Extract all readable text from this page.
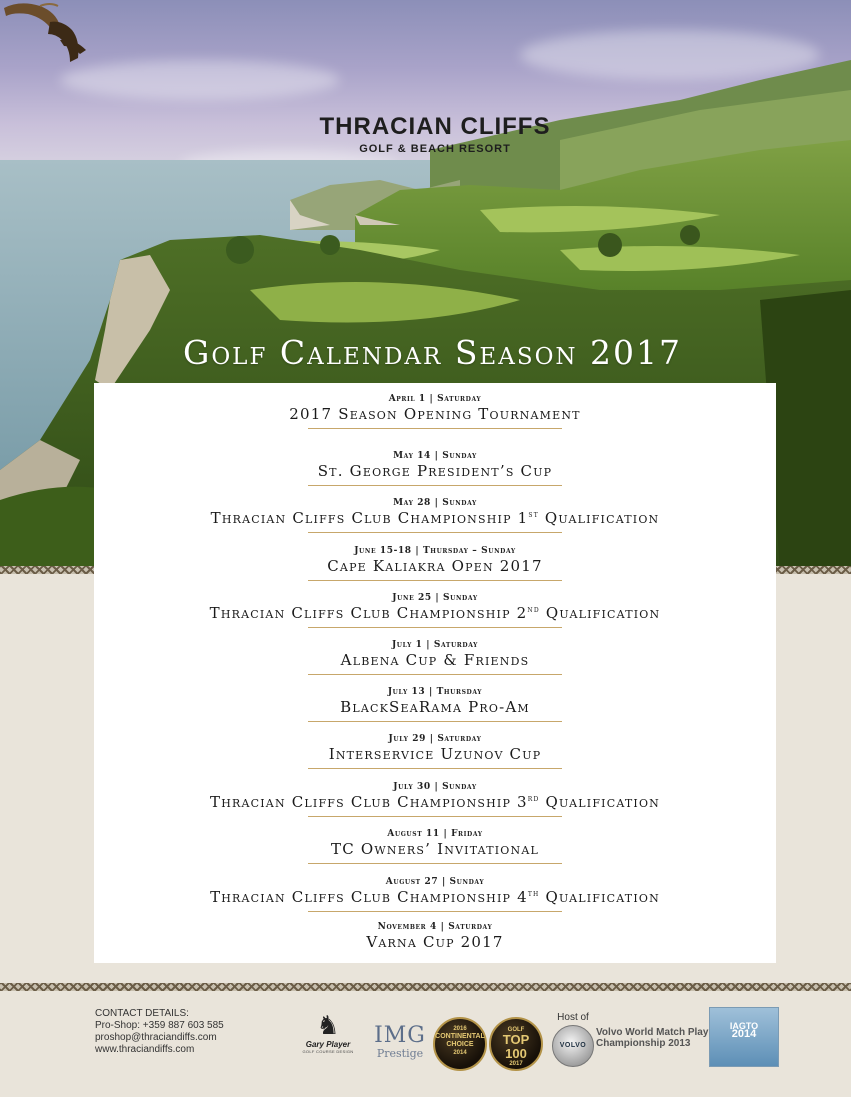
THRACIAN CLIFFS
GOLF & BEACH RESORT
Golf Calendar Season 2017
April 1 | Saturday
2017 Season Opening Tournament
May 14 | Sunday
St. George President’s Cup
May 28 | Sunday
Thracian Cliffs Club Championship 1st Qualification
June 15-18 | Thursday – Sunday
Cape Kaliakra Open 2017
June 25 | Sunday
Thracian Cliffs Club Championship 2nd Qualification
July 1 | Saturday
Albena Cup & Friends
July 13 | Thursday
BlackSeaRama Pro-Am
July 29 | Saturday
Interservice Uzunov Cup
July 30 | Sunday
Thracian Cliffs Club Championship 3rd Qualification
August 11 | Friday
TC Owners’ Invitational
August 27 | Sunday
Thracian Cliffs Club Championship 4th Qualification
November 4 | Saturday
Varna Cup 2017
CONTACT DETAILS:
Pro-Shop: +359 887 603 585
proshop@thraciandiffs.com
www.thraciandiffs.com
♞
Gary Player
GOLF COURSE DESIGN
IMG
Prestige
2016
CONTINENTAL
CHOICE
2014
GOLF
TOP 100
2017
Host of
VOLVO
Volvo World Match Play Championship 2013
IAGTO
2014
